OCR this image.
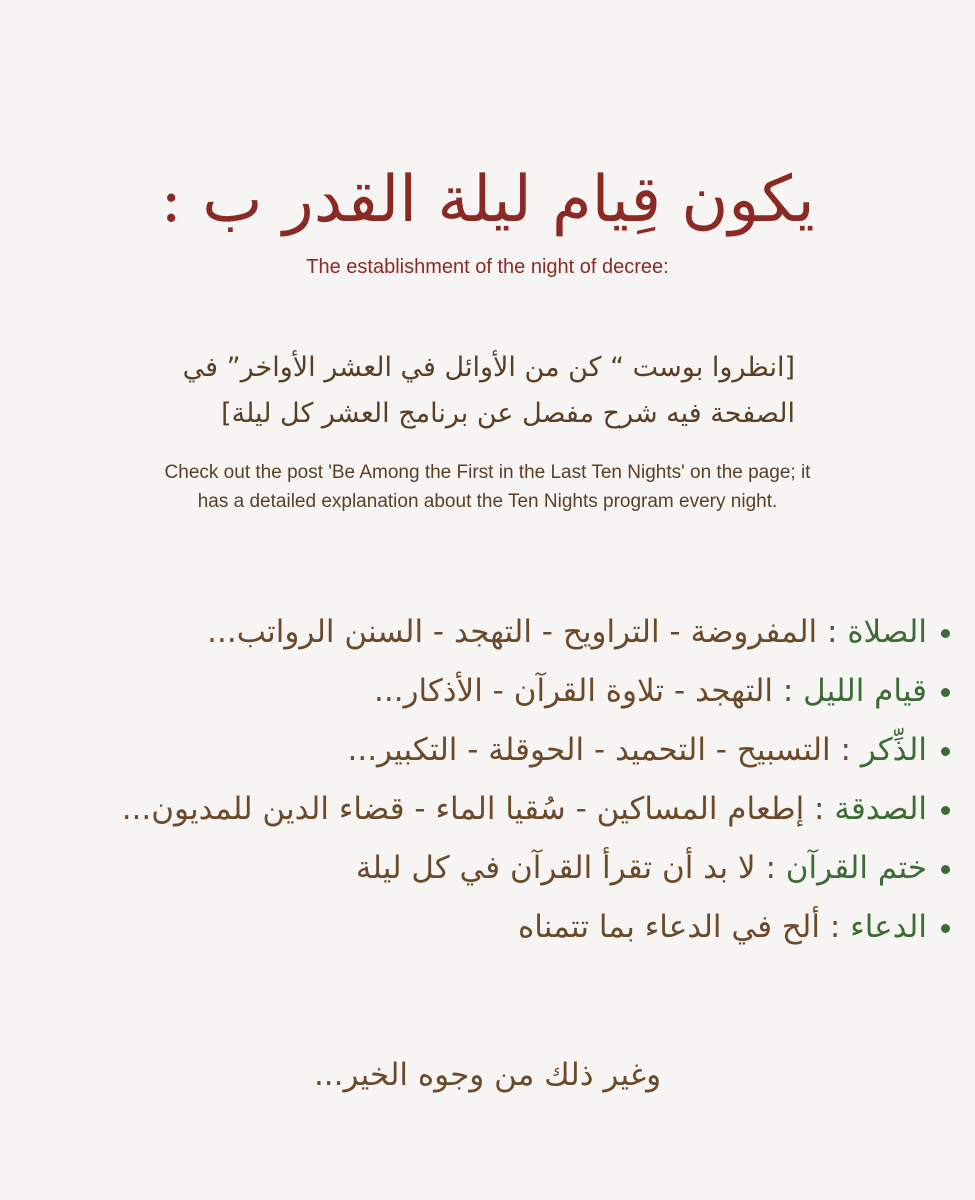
يكون قِيام ليلة القدر ب :
The establishment of the night of decree:
[انظروا بوست “ كن من الأوائل في العشر الأواخر” في
الصفحة فيه شرح مفصل عن برنامج العشر كل ليلة]
Check out the post 'Be Among the First in the Last Ten Nights' on the page; it
has a detailed explanation about the Ten Nights program every night.
الصلاة : المفروضة - التراويح - التهجد - السنن الرواتب...
قيام الليل : التهجد - تلاوة القرآن - الأذكار...
الذِّكر : التسبيح - التحميد - الحوقلة - التكبير...
الصدقة : إطعام المساكين - سُقيا الماء - قضاء الدين للمديون...
ختم القرآن : لا بد أن تقرأ القرآن في كل ليلة
الدعاء : ألح في الدعاء بما تتمناه
وغير ذلك من وجوه الخير...
